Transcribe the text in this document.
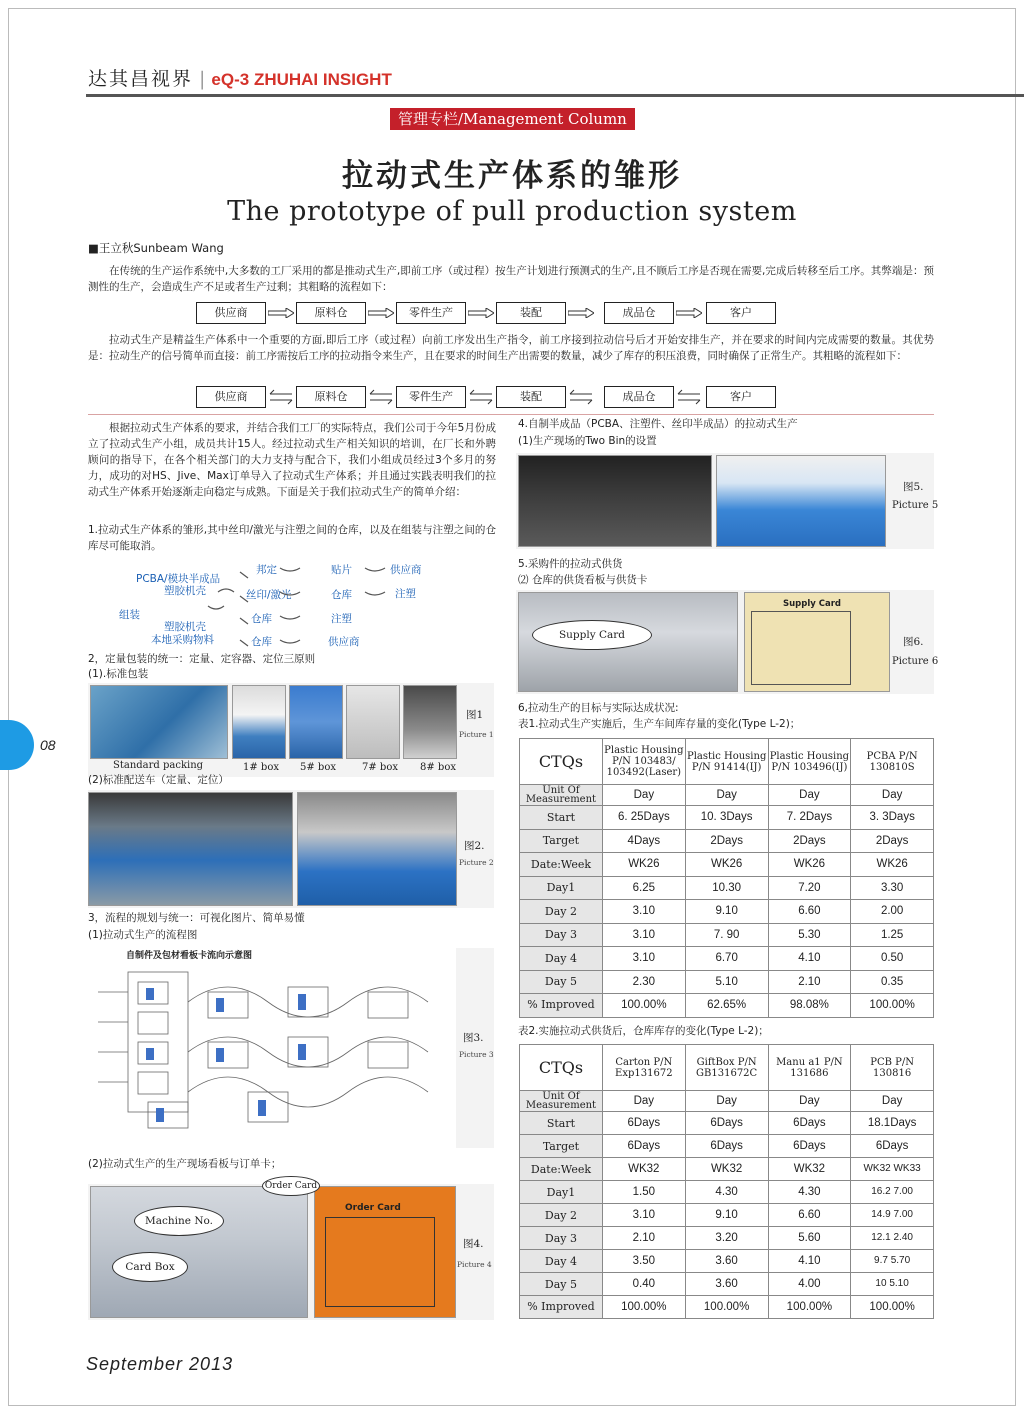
达其昌视界 | eQ-3 ZHUHAI INSIGHT
管理专栏/Management Column
拉动式生产体系的雏形
The prototype of pull production system
■王立秋Sunbeam Wang
在传统的生产运作系统中,大多数的工厂采用的都是推动式生产,即前工序（或过程）按生产计划进行预测式的生产,且不顾后工序是否现在需要,完成后转移至后工序。其弊端是：预测性的生产，会造成生产不足或者生产过剩；其粗略的流程如下：
供应商	原料仓	零件生产	装配	成品仓	客户
拉动式生产是精益生产体系中一个重要的方面,即后工序（或过程）向前工序发出生产指令，前工序接到拉动信号后才开始安排生产，并在要求的时间内完成需要的数量。其优势是：拉动生产的信号简单而直接：前工序需按后工序的拉动指令来生产，且在要求的时间生产出需要的数量，减少了库存的积压浪费，同时确保了正常生产。其粗略的流程如下：
供应商	原料仓	零件生产	装配	成品仓	客户
根据拉动式生产体系的要求，并结合我们工厂的实际特点，我们公司于今年5月份成立了拉动式生产小组，成员共计15人。经过拉动式生产相关知识的培训，在厂长和外聘顾问的指导下，在各个相关部门的大力支持与配合下，我们小组成员经过3个多月的努力，成功的对HS、Jive、Max订单导入了拉动式生产体系；并且通过实践表明我们的拉动式生产体系开始逐渐走向稳定与成熟。下面是关于我们拉动式生产的简单介绍：
1.拉动式生产体系的雏形,其中丝印/激光与注塑之间的仓库，以及在组装与注塑之间的仓库尽可能取消。
PCBA/模块半成品
塑胶机壳
组装
塑胶机壳
本地采购物料
邦定	贴片	供应商
丝印/激光	仓库	注塑
仓库	注塑
仓库	供应商
2，定量包装的统一：定量、定容器、定位三原则
(1).标准包装
图1
Picture 1
Standard packing	1# box 5# box	7# box 8# box
(2)标准配送车（定量、定位）
图2.
Picture 2
3，流程的规划与统一：可视化图片、简单易懂
(1)拉动式生产的流程图
自制件及包材看板卡流向示意图
图3.
Picture 3
(2)拉动式生产的生产现场看板与订单卡；
Order Card
Order Card
Machine No.
Card Box
图4.
Picture 4
4.自制半成品（PCBA、注塑件、丝印半成品）的拉动式生产
(1)生产现场的Two Bin的设置
图5.
Picture 5
5.采购件的拉动式供货
⑵ 仓库的供货看板与供货卡
Supply Card
Supply Card
图6.
Picture 6
6,拉动生产的目标与实际达成状况:
表1.拉动式生产实施后，生产车间库存量的变化(Type L-2)；
CTQs	Plastic Housing P/N 103483/ 103492(Laser)	Plastic Housing P/N 91414(IJ)	Plastic Housing P/N 103496(IJ)	PCBA P/N 130810S
Unit Of Measurement	Day	Day	Day	Day
Start	6. 25Days	10. 3Days	7. 2Days	3. 3Days
Target	4Days	2Days	2Days	2Days
Date:Week	WK26	WK26	WK26	WK26
Day1	6.25	10.30	7.20	3.30
Day 2	3.10	9.10	6.60	2.00
Day 3	3.10	7. 90	5.30	1.25
Day 4	3.10	6.70	4.10	0.50
Day 5	2.30	5.10	2.10	0.35
% Improved	100.00%	62.65%	98.08%	100.00%
表2.实施拉动式供货后，仓库库存的变化(Type L-2)；
CTQs	Carton P/N Exp131672	GiftBox P/N GB131672C	Manu a1 P/N 131686	PCB P/N 130816
Unit Of Measurement	Day	Day	Day	Day
Start	6Days	6Days	6Days	18.1Days
Target	6Days	6Days	6Days	6Days
Date:Week	WK32	WK32	WK32	WK32 WK33
Day1	1.50	4.30	4.30	16.2 7.00
Day 2	3.10	9.10	6.60	14.9 7.00
Day 3	2.10	3.20	5.60	12.1 2.40
Day 4	3.50	3.60	4.10	9.7 5.70
Day 5	0.40	3.60	4.00	10 5.10
% Improved	100.00%	100.00%	100.00%	100.00%
08
September 2013
